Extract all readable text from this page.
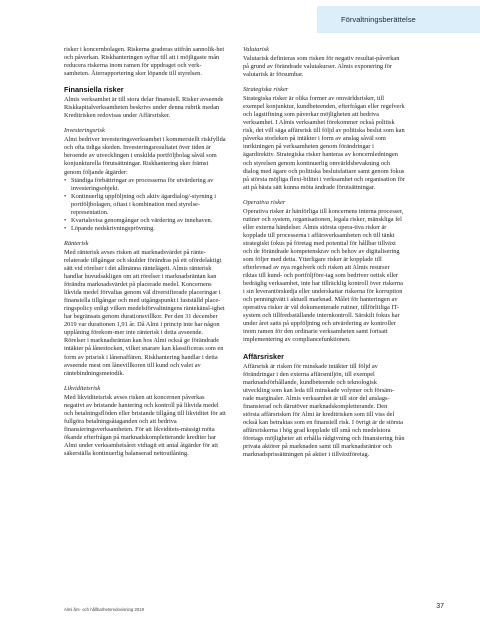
Förvaltningsberättelse

risker i koncernbolagen. Riskerna graderas utifrån sannolik-het och påverkan. Riskhanteringen syftar till att i möjligaste mån reducera riskerna inom ramen för uppdraget och verk-samheten. Återrapportering sker löpande till styrelsen.

Finansiella risker

Almis verksamhet är till stora delar finansiell. Risker avseende Riskkapitalverksamheten beskrivs under denna rubrik medan Kreditrisken redovisas under Affärsrisker.

Investeringsrisk

Almi bedriver investeringsverksamhet i kommersiellt riskfyllda och ofta tidiga skeden. Investeringsresultatet över tiden är beroende av utvecklingen i enskilda portföljbolag såväl som konjunkturella förutsättningar. Riskhantering sker främst genom följande åtgärder:

• Ständiga förbättringar av processerna för utvärdering av investeringsobjekt.
• Kontinuerlig uppföljning och aktiv ägardialog/-styrning i portföljbolagen, oftast i kombination med styrelse-representation.
• Kvartalsvisa genomgångar och värdering av innehaven.
• Löpande nedskrivningsprövning.
Ränterisk

Med ränterisk avses risken att marknadsvärdet på ränte-relaterade tillgångar och skulder förändras på ett ofördelaktigt sätt vid rörelser i det allmänna räntelägett. Almis ränterisk handlar huvudsakligen om att rörelser i marknadsräntan kan förändra marknadsvärdet på placerade medel. Koncernens likvida medel förvaltas genom väl diversifierade placeringar i finansiella tillgångar och med utgångspunkt i fastställd place-ringspolicy enligt vilken medelsförvaltningens räntekänsl-ighet har begränsats genom durationsvillkor. Per den 31 december 2019 var durationen 1,91 år. Då Almi i princip inte har någon upplåning förekom-mer inte ränterisk i detta avseende. Rörelser i marknadsräntan kan hos Almi också ge förändrade intäkter på lånestocken, vilket snarare kan klassificeras som en form av prisrisk i lånenaffären. Riskhantering handlar i detta avseende mest om lånevillkoren till kund och valet av räntebindningsmetodik.

Likviditetsrisk

Med likviditetsrisk avses risken att koncernen påverkas negativt av bristande hantering och kontroll på likvida medel och betalningsflöden eller bristande tillgång till likviditet för att fullgöra betalningsåtaganden och att bedriva finansieringsverksamheten. För att likviditets-mässigt möta ökande efterfrågan på marknadskompletterande krediter har Almi under verksamhetsåret vidtagit ett antal åtgärder för att säkerställa kontinuerlig balanserad nettoutlåning.

Valutarisk

Valutarisk definieras som risken för negativ resultat-påverkan på grund av förändrade valutakurser. Almis exponering för valutarisk är försumbar.

Strategiska risker

Strategiska risker är olika former av omvärldsrisker, till exempel konjunktur, kundbeteenden, efterfrågan eller regelverk och lagstiftning som påverkar möjligheten att bedriva verksamhet. I Almis verksamhet förekommer också politisk risk, det vill säga affärsrisk till följd av politiska beslut som kan påverka storleken på intäkter i form av anslag såväl som inriktningen på verksamheten genom förändringar i ägardirektiv. Strategiska risker hanteras av koncernledningen och styrelsen genom kontinuerlig omvärldsbevakning och dialog med ägare och politiska beslutsfattare samt genom fokus på största möjliga flexi-bilitet i verksamhet och organisation för att på bästa sätt kunna möta ändrade förutsättningar.

Operativa risker

Operativa risker är hänförliga till koncernens interna processer, rutiner och system, organisationen, legala risker, mänskliga fel eller externa händelser. Almis största opera-tiva risker är kopplade till processerna i affärsverksamheten och till tänkt strategiskt fokus på företag med potential för hållbar tillväxt och de förändrade kompetenskrav och behov av digitalisering som följer med detta. Ytterligare risker är kopplade till efterlevnad av nya regelverk och risken att Almis resurser riktas till kund- och portföljföre-tag som bedriver oetisk eller bedräglig verksamhet, inte har tillräcklig kontroll över riskerna i sin leverantörskedja eller underskattar riskerna för korruption och penningtvätt i aktuell marknad. Målet för hanteringen av operativa risker är väl dokumenterade rutiner, tillförlitliga IT-system och tillfredsställande internkontroll. Särskilt fokus har under året satts på uppföljning och utvärdering av kontroller inom ramen för den ordinarie verksamheten samt fortsatt implementering av compliancefunktionen.

Affärsrisker

Affärsrisk är risken för minskade intäkter till följd av förändringar i den externa affärsmiljön, till exempel marknadsförhållande, kundbeteende och teknologisk utveckling som kan leda till minskade volymer och försäm-rade marginaler. Almis verksamhet är till stor del anslags-finansierad och därutöver marknadskompletterande. Den största affärsrisken för Almi är kreditrisken som till viss del också kan betraktas som en finansiell risk. I övrigt är de största affärsriskerna i hög grad kopplade till små och medelstora företags möjligheter att erhålla rådgivning och finansiering från privata aktörer på marknaden samt till marknadsräntor och marknadsprissättningen på aktier i tillväxtföretag.

Almi års- och hållbarhetsredovisning 2019	37
